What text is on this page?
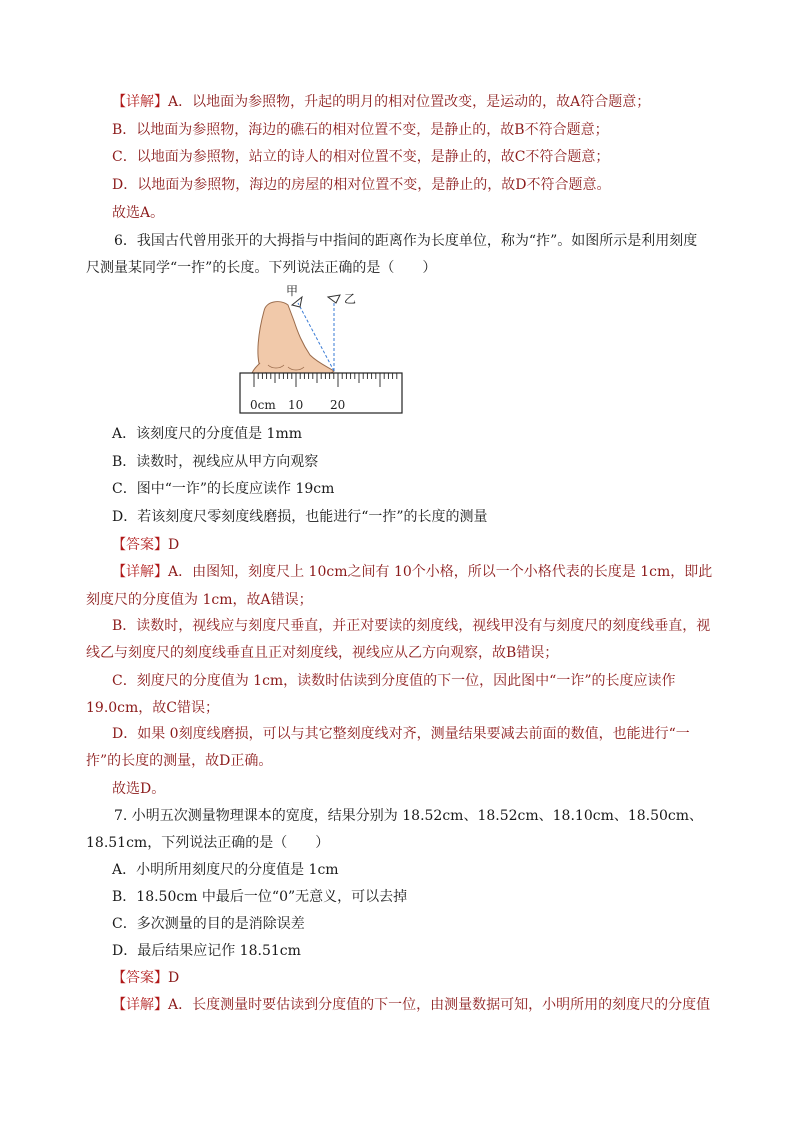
【详解】A．以地面为参照物，升起的明月的相对位置改变，是运动的，故A符合题意；
B．以地面为参照物，海边的礁石的相对位置不变，是静止的，故B不符合题意；
C．以地面为参照物，站立的诗人的相对位置不变，是静止的，故C不符合题意；
D．以地面为参照物，海边的房屋的相对位置不变，是静止的，故D不符合题意。
故选A。
6．我国古代曾用张开的大拇指与中指间的距离作为长度单位，称为“拃”。如图所示是利用刻度
尺测量某同学“一拃”的长度。下列说法正确的是（　　）
甲
乙
0cm 10 20
A．该刻度尺的分度值是 1mm
B．读数时，视线应从甲方向观察
C．图中“一诈”的长度应读作 19cm
D．若该刻度尺零刻度线磨损，也能进行“一拃”的长度的测量
【答案】D
【详解】A．由图知，刻度尺上 10cm之间有 10个小格，所以一个小格代表的长度是 1cm，即此
刻度尺的分度值为 1cm，故A错误；
B．读数时，视线应与刻度尺垂直，并正对要读的刻度线，视线甲没有与刻度尺的刻度线垂直，视
线乙与刻度尺的刻度线垂直且正对刻度线，视线应从乙方向观察，故B错误；
C．刻度尺的分度值为 1cm，读数时估读到分度值的下一位，因此图中“一诈”的长度应读作
19.0cm，故C错误；
D．如果 0刻度线磨损，可以与其它整刻度线对齐，测量结果要减去前面的数值，也能进行“一
拃”的长度的测量，故D正确。
故选D。
7. 小明五次测量物理课本的宽度，结果分别为 18.52cm、18.52cm、18.10cm、18.50cm、
18.51cm，下列说法正确的是（　　）
A．小明所用刻度尺的分度值是 1cm
B．18.50cm 中最后一位“0”无意义，可以去掉
C．多次测量的目的是消除误差
D．最后结果应记作 18.51cm
【答案】D
【详解】A．长度测量时要估读到分度值的下一位，由测量数据可知，小明所用的刻度尺的分度值
